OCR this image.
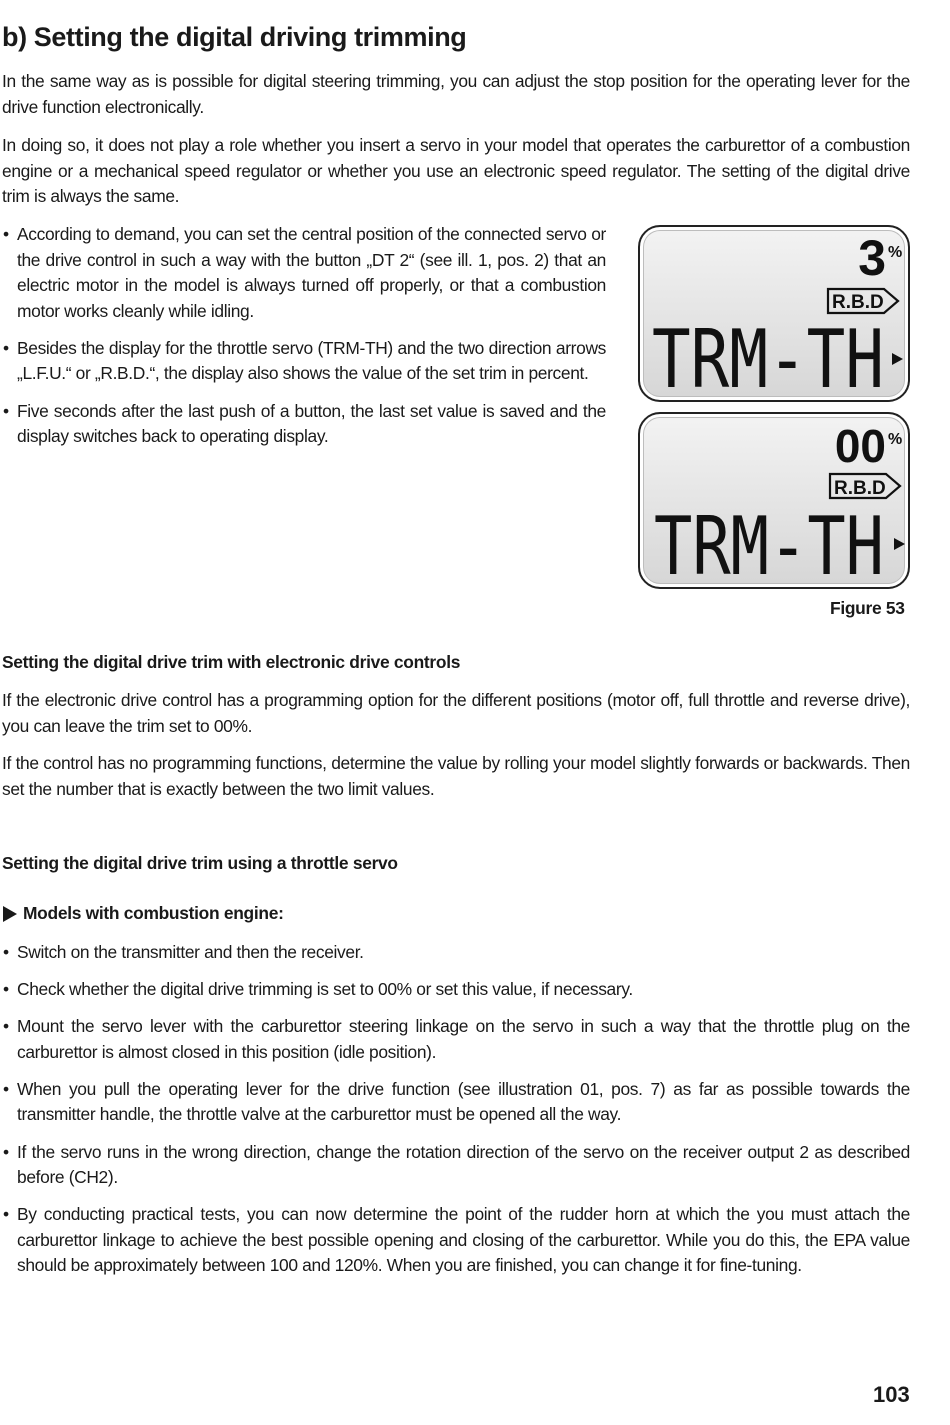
b) Setting the digital driving trimming

In the same way as is possible for digital steering trimming, you can adjust the stop position for the operating lever for the drive function electronically.

In doing so, it does not play a role whether you insert a servo in your model that operates the carburettor of a combustion engine or a mechanical speed regulator or whether you use an electronic speed regulator. The setting of the digital drive trim is always the same.

• According to demand, you can set the central position of the connected servo or the drive control in such a way with the button „DT 2“ (see ill. 1, pos. 2) that an electric motor in the model is always turned off properly, or that a combustion motor works cleanly while idling.
• Besides the display for the throttle servo (TRM-TH) and the two direction arrows „L.F.U.“ or „R.B.D.“, the display also shows the value of the set trim in percent.
• Five seconds after the last push of a button, the last set value is saved and the display switches back to operating display.
3 %
R.B.D
TRM-TH
00 %
R.B.D
TRM-TH
Figure 53
Setting the digital drive trim with electronic drive controls

If the electronic drive control has a programming option for the different positions (motor off, full throttle and reverse drive), you can leave the trim set to 00%.

If the control has no programming functions, determine the value by rolling your model slightly forwards or backwards. Then set the number that is exactly between the two limit values.

Setting the digital drive trim using a throttle servo
Models with combustion engine:
• Switch on the transmitter and then the receiver.
• Check whether the digital drive trimming is set to 00% or set this value, if necessary.
• Mount the servo lever with the carburettor steering linkage on the servo in such a way that the throttle plug on the carburettor is almost closed in this position (idle position).
• When you pull the operating lever for the drive function (see illustration 01, pos. 7) as far as possible towards the transmitter handle, the throttle valve at the carburettor must be opened all the way.
• If the servo runs in the wrong direction, change the rotation direction of the servo on the receiver output 2 as described before (CH2).
• By conducting practical tests, you can now determine the point of the rudder horn at which the you must attach the carburettor linkage to achieve the best possible opening and closing of the carburettor. While you do this, the EPA value should be approximately between 100 and 120%. When you are finished, you can change it for fine-tuning.
103
